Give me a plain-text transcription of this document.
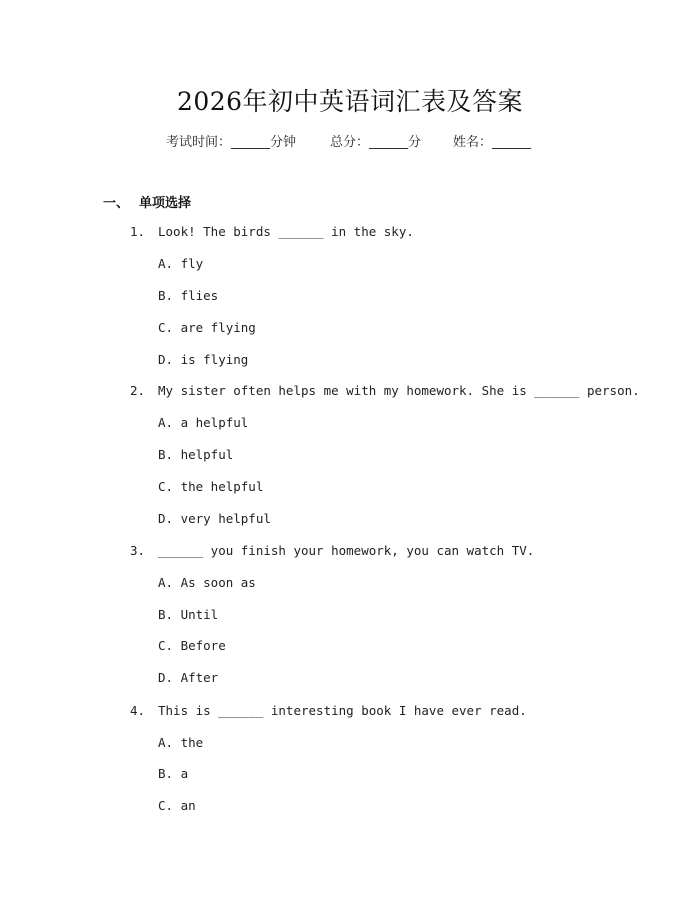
2026年初中英语词汇表及答案
考试时间：______分钟	总分：______分 姓名：______
一、 单项选择
1. Look! The birds ______ in the sky.
A. fly
B. flies
C. are flying
D. is flying
2. My sister often helps me with my homework. She is ______ person.
A. a helpful
B. helpful
C. the helpful
D. very helpful
3. ______ you finish your homework, you can watch TV.
A. As soon as
B. Until
C. Before
D. After
4. This is ______ interesting book I have ever read.
A. the
B. a
C. an
